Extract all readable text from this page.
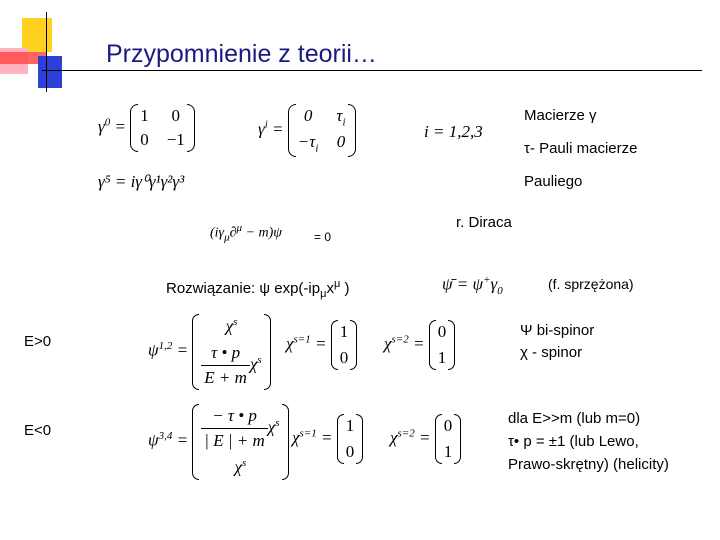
Przypomnienie z teorii…
$\gamma^0$ =
1 0
0 −1
$\gamma^i$ =
0	$\tau_i$
$-\tau_i$ 0
i = 1,2,3
Macierze γ
τ- Pauli macierze
Pauliego
γ⁵ = iγ⁰γ¹γ²γ³
r. Diraca
$(i\gamma_\mu\partial^\mu - m)\psi$	= 0
Rozwiązanie: ψ $\exp(-ip_\mu x^\mu$ )	ψ̄ = $\psi^+\gamma_0$	(f. sprzężona)
E>0
E<0
$\psi^{1,2}$ =
$\chi^s$
$\frac{\tau • p}{E + m} \chi^s$
$\chi^{s=1}$ =
1
0
$\chi^{s=2}$ =
0
1
Ψ bi-spinor
χ - spinor
$\psi^{3,4} = \frac{- \tau • p}{| E | + m} \chi^s$
$\chi^s$
$\chi^{s=1}$ =
1
0
$\chi^{s=2}$ =
0
1
dla E>>m (lub m=0)
τ• p = ±1 (lub Lewo,
Prawo-skrętny) (helicity)
